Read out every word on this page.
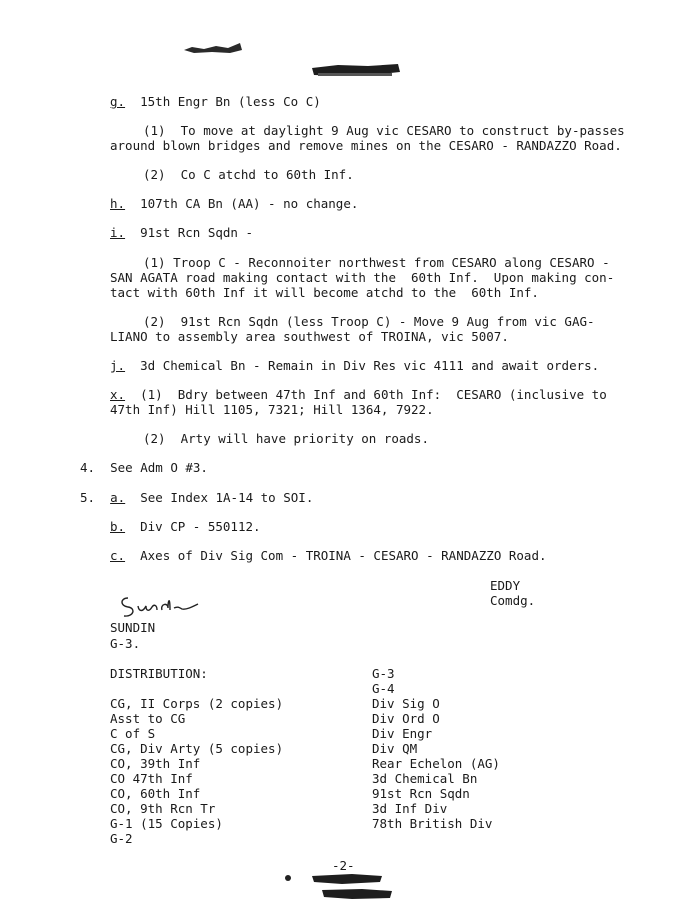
g. 15th Engr Bn (less Co C)
(1)  To move at daylight 9 Aug vic CESARO to construct by-passes
around blown bridges and remove mines on the CESARO - RANDAZZO Road.
(2)  Co C atchd to 60th Inf.
h. 107th CA Bn (AA) - no change.
i. 91st Rcn Sqdn -
(1) Troop C - Reconnoiter northwest from CESARO along CESARO -
SAN AGATA road making contact with the  60th Inf.  Upon making con-
tact with 60th Inf it will become atchd to the  60th Inf.
(2)  91st Rcn Sqdn (less Troop C) - Move 9 Aug from vic GAG-
LIANO to assembly area southwest of TROINA, vic 5007.
j. 3d Chemical Bn - Remain in Div Res vic 4111 and await orders.
x. (1)  Bdry between 47th Inf and 60th Inf:  CESARO (inclusive to
47th Inf) Hill 1105, 7321; Hill 1364, 7922.
(2)  Arty will have priority on roads.
4. See Adm O #3.
5. a. See Index 1A-14 to SOI.
b. Div CP - 550112.
c. Axes of Div Sig Com - TROINA - CESARO - RANDAZZO Road.
EDDY
Comdg.
SUNDIN
G-3.
DISTRIBUTION:	G-3
G-4
CG, II Corps (2 copies)
Asst to CG
C of S
CG, Div Arty (5 copies)
CO, 39th Inf
CO 47th Inf
CO, 60th Inf
CO, 9th Rcn Tr
G-1 (15 Copies)
G-2
Div Sig O
Div Ord O
Div Engr
Div QM
Rear Echelon (AG)
3d Chemical Bn
91st Rcn Sqdn
3d Inf Div
78th British Div
-2-
